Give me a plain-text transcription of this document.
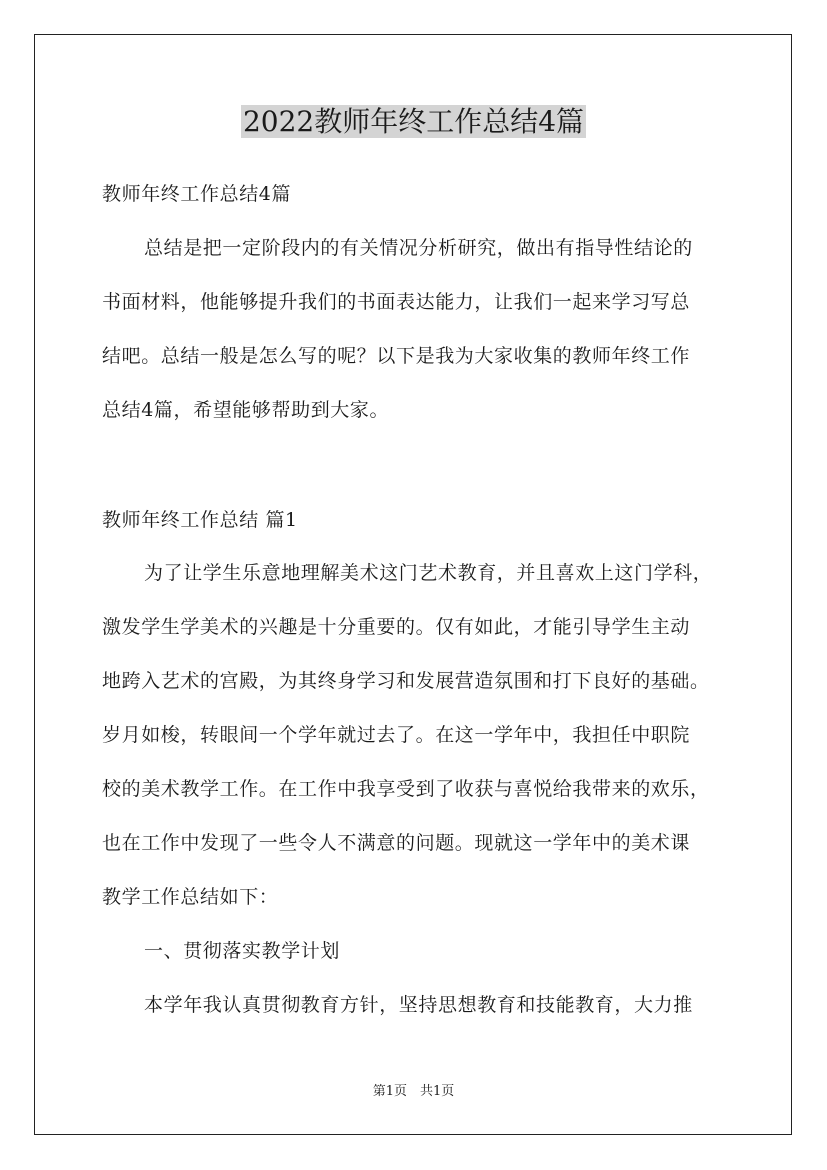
2022教师年终工作总结4篇

教师年终工作总结4篇

总结是把一定阶段内的有关情况分析研究，做出有指导性结论的

书面材料，他能够提升我们的书面表达能力，让我们一起来学习写总

结吧。总结一般是怎么写的呢？以下是我为大家收集的教师年终工作

总结4篇，希望能够帮助到大家。

教师年终工作总结 篇1

为了让学生乐意地理解美术这门艺术教育，并且喜欢上这门学科，

激发学生学美术的兴趣是十分重要的。仅有如此，才能引导学生主动

地跨入艺术的宫殿，为其终身学习和发展营造氛围和打下良好的基础。

岁月如梭，转眼间一个学年就过去了。在这一学年中，我担任中职院

校的美术教学工作。在工作中我享受到了收获与喜悦给我带来的欢乐，

也在工作中发现了一些令人不满意的问题。现就这一学年中的美术课

教学工作总结如下：

一、贯彻落实教学计划

本学年我认真贯彻教育方针，坚持思想教育和技能教育，大力推

第1页　共1页
